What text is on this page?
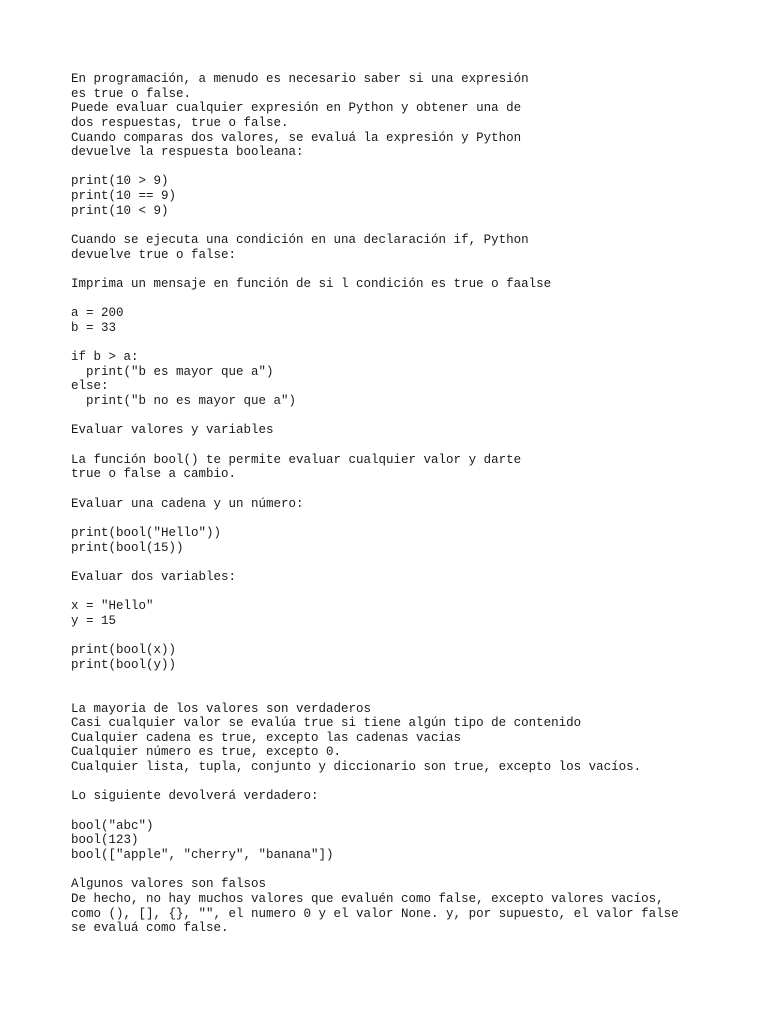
En programación, a menudo es necesario saber si una expresión
es true o false.
Puede evaluar cualquier expresión en Python y obtener una de
dos respuestas, true o false.
Cuando comparas dos valores, se evaluá la expresión y Python
devuelve la respuesta booleana:
print(10 > 9)
print(10 == 9)
print(10 < 9)
Cuando se ejecuta una condición en una declaración if, Python
devuelve true o false:
Imprima un mensaje en función de si l condición es true o faalse
a = 200
b = 33
if b > a:
print("b es mayor que a")
else:
print("b no es mayor que a")
Evaluar valores y variables
La función bool() te permite evaluar cualquier valor y darte
true o false a cambio.
Evaluar una cadena y un número:
print(bool("Hello"))
print(bool(15))
Evaluar dos variables:
x = "Hello"
y = 15
print(bool(x))
print(bool(y))
La mayoria de los valores son verdaderos
Casi cualquier valor se evalúa true si tiene algún tipo de contenido
Cualquier cadena es true, excepto las cadenas vacias
Cualquier número es true, excepto 0.
Cualquier lista, tupla, conjunto y diccionario son true, excepto los vacíos.
Lo siguiente devolverá verdadero:
bool("abc")
bool(123)
bool(["apple", "cherry", "banana"])
Algunos valores son falsos
De hecho, no hay muchos valores que evaluén como false, excepto valores vacíos,
como (), [], {}, "", el numero 0 y el valor None. y, por supuesto, el valor false
se evaluá como false.
